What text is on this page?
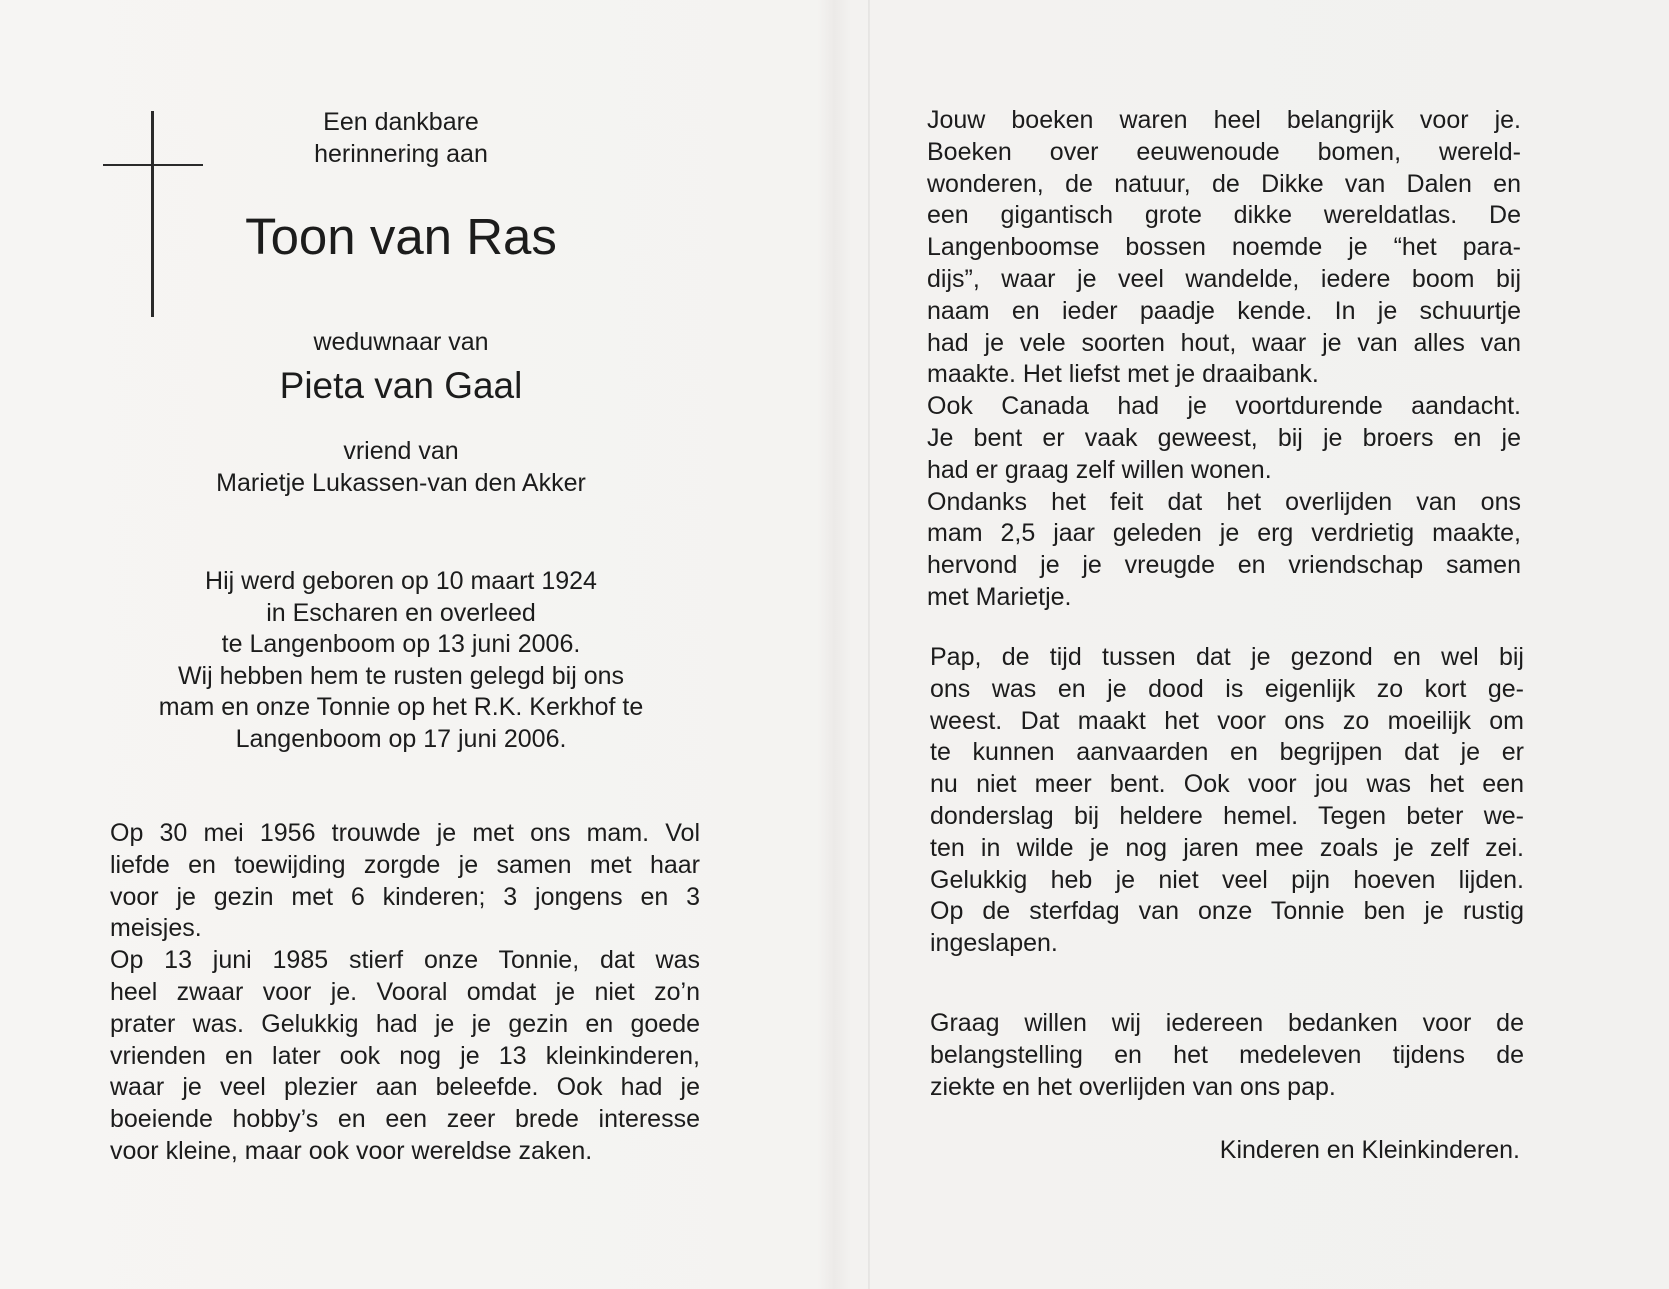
Een dankbare
herinnering aan
Toon van Ras
weduwnaar van
Pieta van Gaal
vriend van
Marietje Lukassen-van den Akker
Hij werd geboren op 10 maart 1924
in Escharen en overleed
te Langenboom op 13 juni 2006.
Wij hebben hem te rusten gelegd bij ons
mam en onze Tonnie op het R.K. Kerkhof te
Langenboom op 17 juni 2006.
Op 30 mei 1956 trouwde je met ons mam. Vol
liefde en toewijding zorgde je samen met haar
voor je gezin met 6 kinderen; 3 jongens en 3
meisjes.
Op 13 juni 1985 stierf onze Tonnie, dat was
heel zwaar voor je. Vooral omdat je niet zo’n
prater was. Gelukkig had je je gezin en goede
vrienden en later ook nog je 13 kleinkinderen,
waar je veel plezier aan beleefde. Ook had je
boeiende hobby’s en een zeer brede interesse
voor kleine, maar ook voor wereldse zaken.
Jouw boeken waren heel belangrijk voor je.
Boeken over eeuwenoude bomen, wereld-
wonderen, de natuur, de Dikke van Dalen en
een gigantisch grote dikke wereldatlas. De
Langenboomse bossen noemde je “het para-
dijs”, waar je veel wandelde, iedere boom bij
naam en ieder paadje kende. In je schuurtje
had je vele soorten hout, waar je van alles van
maakte. Het liefst met je draaibank.
Ook Canada had je voortdurende aandacht.
Je bent er vaak geweest, bij je broers en je
had er graag zelf willen wonen.
Ondanks het feit dat het overlijden van ons
mam 2,5 jaar geleden je erg verdrietig maakte,
hervond je je vreugde en vriendschap samen
met Marietje.
Pap, de tijd tussen dat je gezond en wel bij
ons was en je dood is eigenlijk zo kort ge-
weest. Dat maakt het voor ons zo moeilijk om
te kunnen aanvaarden en begrijpen dat je er
nu niet meer bent. Ook voor jou was het een
donderslag bij heldere hemel. Tegen beter we-
ten in wilde je nog jaren mee zoals je zelf zei.
Gelukkig heb je niet veel pijn hoeven lijden.
Op de sterfdag van onze Tonnie ben je rustig
ingeslapen.
Graag willen wij iedereen bedanken voor de
belangstelling en het medeleven tijdens de
ziekte en het overlijden van ons pap.
Kinderen en Kleinkinderen.
